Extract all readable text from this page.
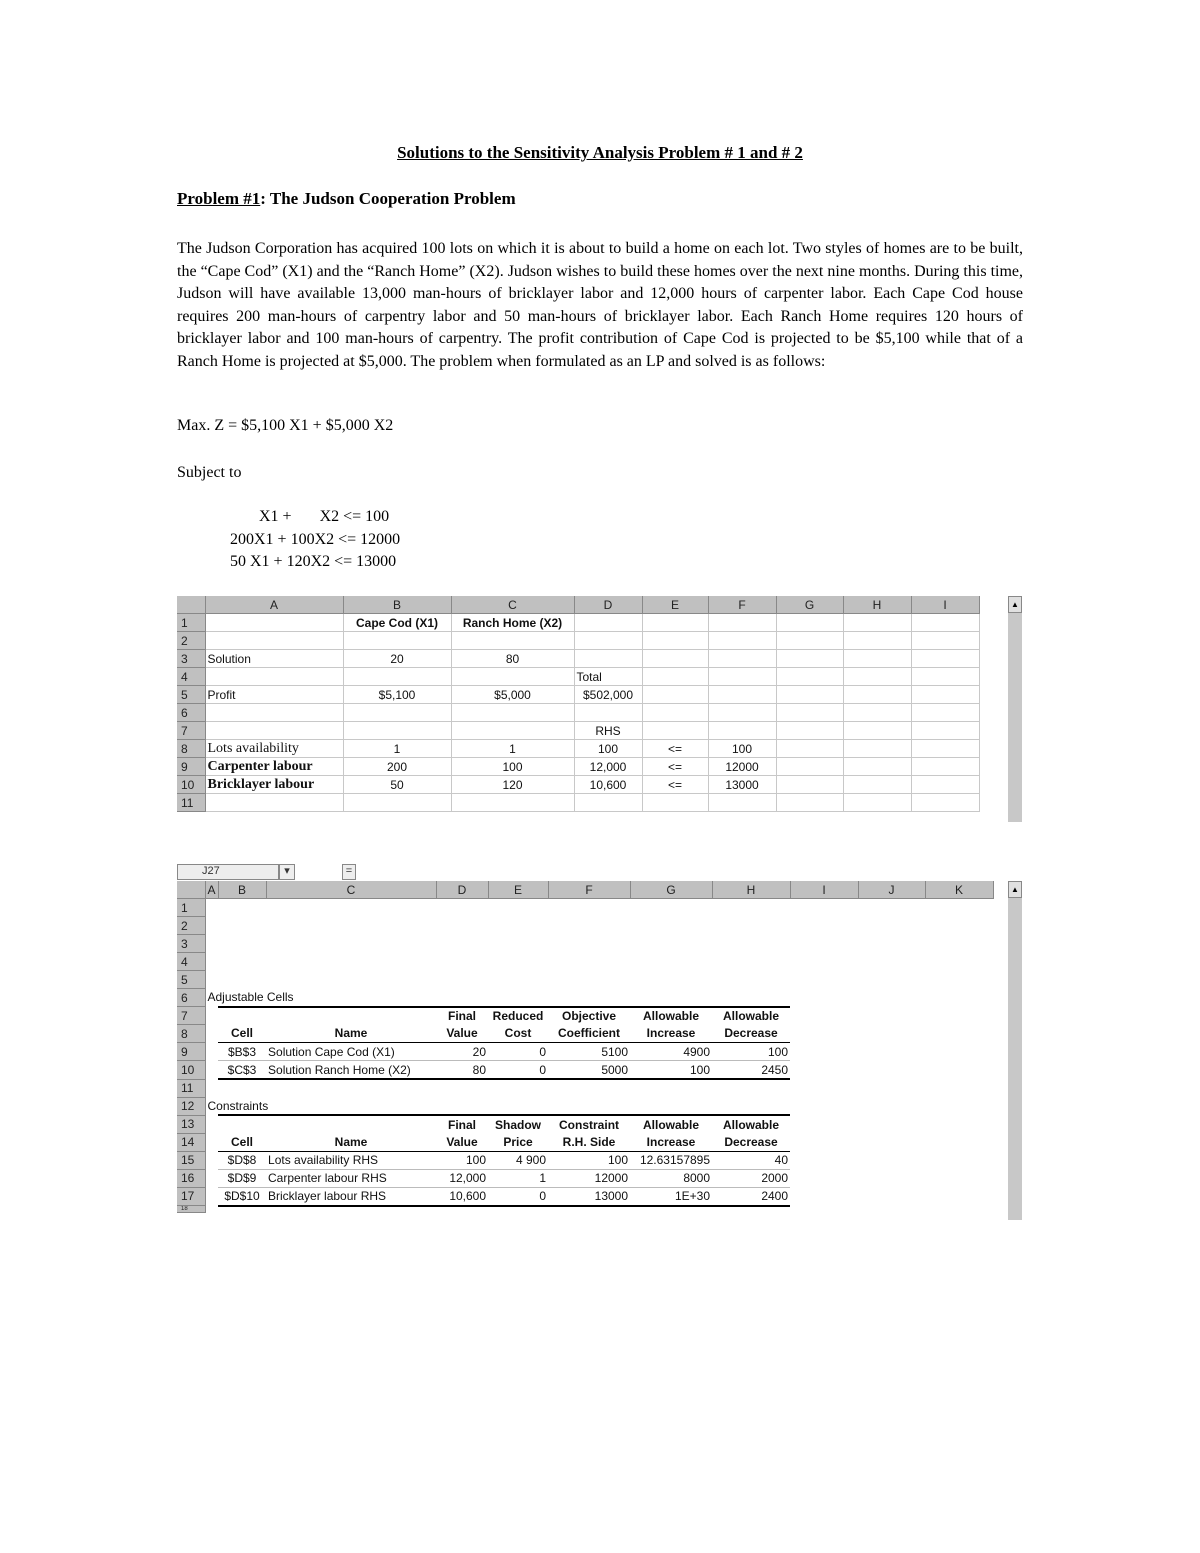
Solutions to the Sensitivity Analysis Problem # 1 and # 2
Problem #1: The Judson Cooperation Problem
The Judson Corporation has acquired 100 lots on which it is about to build a home on each lot. Two styles of homes are to be built, the “Cape Cod” (X1) and the “Ranch Home” (X2). Judson wishes to build these homes over the next nine months. During this time, Judson will have available 13,000 man-hours of bricklayer labor and 12,000 hours of carpenter labor. Each Cape Cod house requires 200 man-hours of carpentry labor and 50 man-hours of bricklayer labor. Each Ranch Home requires 120 hours of bricklayer labor and 100 man-hours of carpentry. The profit contribution of Cape Cod is projected to be $5,100 while that of a Ranch Home is projected at $5,000. The problem when formulated as an LP and solved is as follows:
Max. Z = $5,100 X1 + $5,000 X2
Subject to
X1 +       X2 <= 100
200X1 + 100X2 <= 12000
50 X1 + 120X2 <= 13000
	A	B	C	D	E	F	G	H	I
1		Cape Cod (X1)	Ranch Home (X2)						
2									
3	Solution	20	80						
4				Total					
5	Profit	$5,100	$5,000	$502,000					
6									
7				RHS					
8	Lots availability	1	1	100	<=	100			
9	Carpenter labour	200	100	12,000	<=	12000			
10	Bricklayer labour	50	120	10,600	<=	13000			
11									
▲
J27	▾	=
	A	B	C	D	E	F	G	H	I	J	K
1											
2											
3											
4											
5											
6	Adjustable Cells										
7				Final	Reduced	Objective	Allowable	Allowable			
8		Cell	Name	Value	Cost	Coefficient	Increase	Decrease			
9		$B$3	Solution Cape Cod (X1)	20	0	5100	4900	100			
10		$C$3	Solution Ranch Home (X2)	80	0	5000	100	2450			
11											
12	Constraints										
13				Final	Shadow	Constraint	Allowable	Allowable			
14		Cell	Name	Value	Price	R.H. Side	Increase	Decrease			
15		$D$8	Lots availability RHS	100	4 900	100	12.63157895	40			
16		$D$9	Carpenter labour RHS	12,000	1	12000	8000	2000			
17		$D$10	Bricklayer labour RHS	10,600	0	13000	1E+30	2400			
18											
▲
